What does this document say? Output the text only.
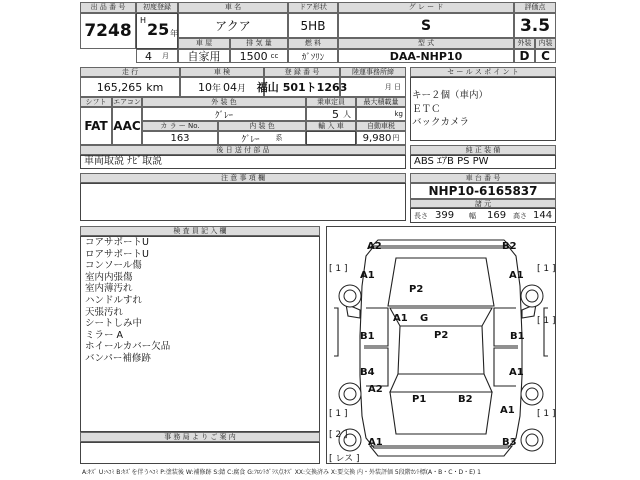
出 品 番 号
7248
初度登録
H 25 年
4 月
車 名
アクア
ドア形状
5HB
グ レ ー ド
S
評価点
3.5
車 屋
自家用
排 気 量
1500 cc
燃 料
ｶﾞｿﾘﾝ
型 式
DAA-NHP10
外装	内装
D C
走 行
165,265 km
車 検
10 年 04 月
登 録 番 号
福山 501ト1263
陸運事務所締
月 日
セ ー ル ス ポ イ ン ト
キー２個（車内）
ＥＴＣ
バックカメラ
シフト
FAT
エアコン
AAC
外 装 色
ｸﾞﾚｰ
カ ラ ー No.
163
内 装 色
ｸﾞﾚｰ 系
乗車定員
5 人
最大積載量
kg
輸 入 車	自動車税
9,980 円
後 日 送 付 部 品
車両取説 ﾅﾋﾞ取説
純 正 装 備
ABS ｴｱB PS PW
注 意 事 項 欄	車 台 番 号
NHP10-6165837
諸 元
長さ 399 幅 169 高さ 144
検 査 員 記 入 欄
コアサポートU
ロアサポートU
コンソール傷
室内内張傷
室内薄汚れ
ハンドルすれ
天張汚れ
シートしみ中
ミラー A
ホイールカバー欠品
バンパー補修跡
事 務 局 よ り ご 案 内
A2	B2
A1	A1
P2
B1	B1
A1 G
P2
B4	A1
A2
P1	B2
A1
A1	B3
[ 1 ]	[ 1 ]
[ 1 ]
[ 1 ]	[ 1 ]
[ 2 ]
[ レス ]
A:ｷｽﾞ U:ﾍｺﾐ B:ｷｽﾞを伴うﾍｺﾐ P:塗装後 W:補修跡 S:錆 C:腐食 G:ﾌﾛﾝﾄｶﾞﾗｽ点ｷｽﾞ XX:交換済み X:要交換 内・外装評価 5段階ｶﾝﾄ標(A・B・C・D・E) 1
